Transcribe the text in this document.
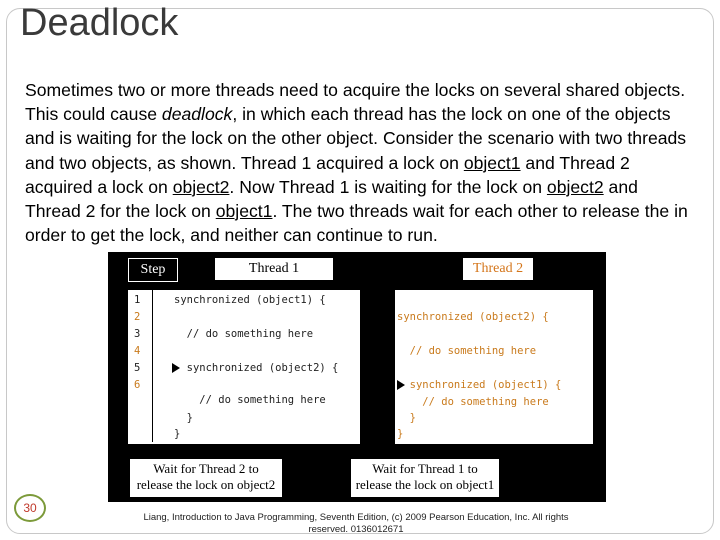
Deadlock
Sometimes two or more threads need to acquire the locks on several shared objects. This could cause deadlock, in which each thread has the lock on one of the objects and is waiting for the lock on the other object. Consider the scenario with two threads and two objects, as shown. Thread 1 acquired a lock on object1 and Thread 2 acquired a lock on object2. Now Thread 1 is waiting for the lock on object2 and Thread 2 for the lock on object1. The two threads wait for each other to release the in order to get the lock, and neither can continue to run.
Step	Thread 1	Thread 2
1
2
3
4
5
6
synchronized (object1) {
// do something here
synchronized (object2) {
// do something here
}
}
synchronized (object2) {
// do something here
synchronized (object1) {
// do something here
}
}
Wait for Thread 2 to
release the lock on object2
Wait for Thread 1 to
release the lock on object1
30
Liang, Introduction to Java Programming, Seventh Edition, (c) 2009 Pearson Education, Inc. All rights reserved. 0136012671
